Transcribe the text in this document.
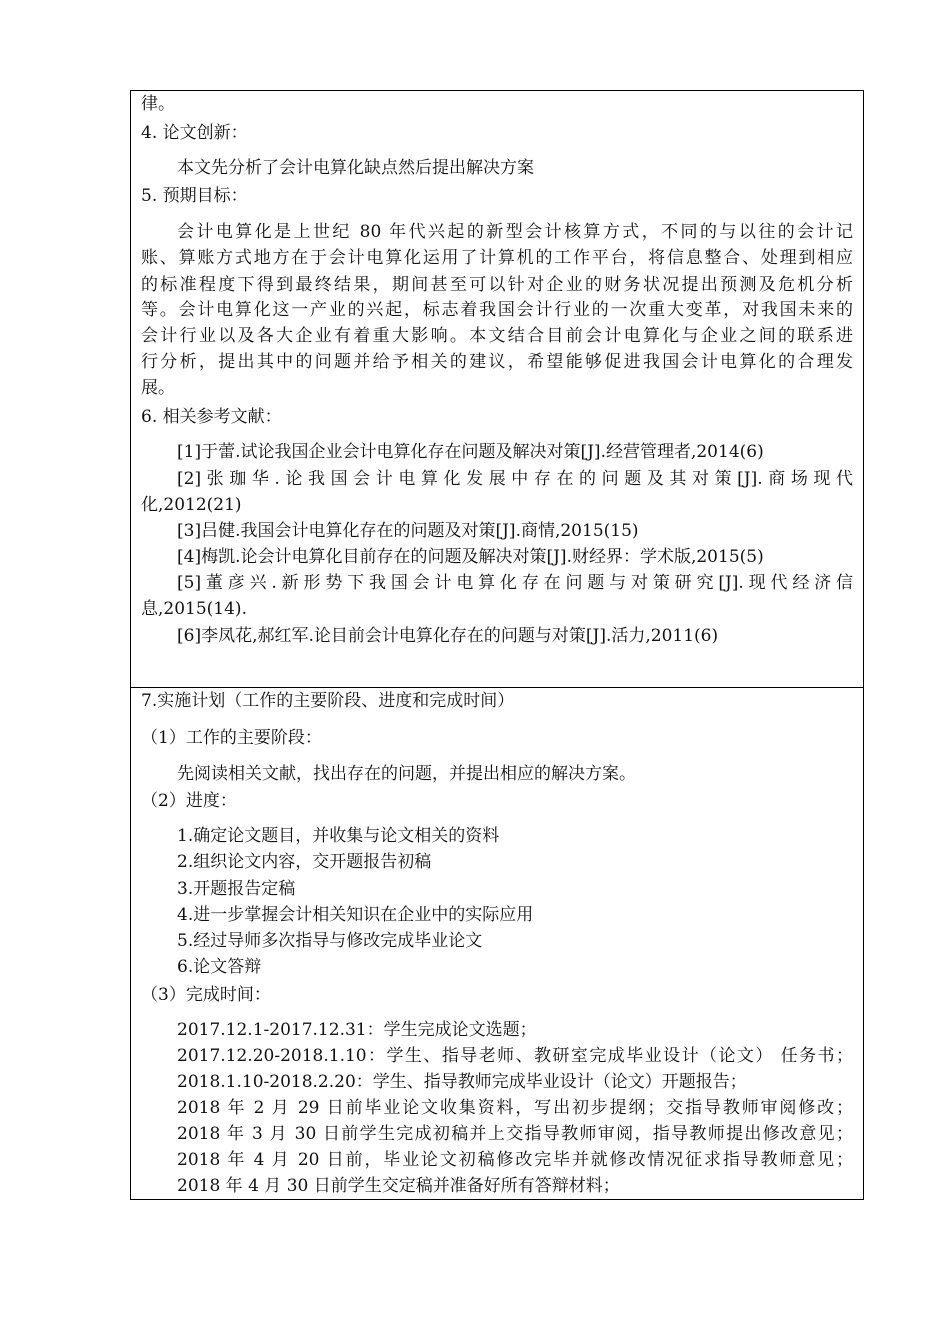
律。
4. 论文创新：
本文先分析了会计电算化缺点然后提出解决方案
5. 预期目标：
会计电算化是上世纪 80 年代兴起的新型会计核算方式，不同的与以往的会计记
账、算账方式地方在于会计电算化运用了计算机的工作平台，将信息整合、处理到相应
的标准程度下得到最终结果，期间甚至可以针对企业的财务状况提出预测及危机分析
等。会计电算化这一产业的兴起，标志着我国会计行业的一次重大变革，对我国未来的
会计行业以及各大企业有着重大影响。本文结合目前会计电算化与企业之间的联系进
行分析，提出其中的问题并给予相关的建议，希望能够促进我国会计电算化的合理发
展。
6. 相关参考文献：
[1]于蕾.试论我国企业会计电算化存在问题及解决对策[J].经营管理者,2014(6)
[2]张珈华.论我国会计电算化发展中存在的问题及其对策[J].商场现代
化,2012(21)
[3]吕健.我国会计电算化存在的问题及对策[J].商情,2015(15)
[4]梅凯.论会计电算化目前存在的问题及解决对策[J].财经界：学术版,2015(5)
[5]董彦兴.新形势下我国会计电算化存在问题与对策研究[J].现代经济信
息,2015(14).
[6]李凤花,郝红军.论目前会计电算化存在的问题与对策[J].活力,2011(6)
7.实施计划（工作的主要阶段、进度和完成时间）
（1）工作的主要阶段：
先阅读相关文献，找出存在的问题，并提出相应的解决方案。
（2）进度：
1.确定论文题目，并收集与论文相关的资料
2.组织论文内容，交开题报告初稿
3.开题报告定稿
4.进一步掌握会计相关知识在企业中的实际应用
5.经过导师多次指导与修改完成毕业论文
6.论文答辩
（3）完成时间：
2017.12.1-2017.12.31：学生完成论文选题；
2017.12.20-2018.1.10：学生、指导老师、教研室完成毕业设计（论文） 任务书；
2018.1.10-2018.2.20：学生、指导教师完成毕业设计（论文）开题报告；
2018 年 2 月 29 日前毕业论文收集资料，写出初步提纲；交指导教师审阅修改；
2018 年 3 月 30 日前学生完成初稿并上交指导教师审阅，指导教师提出修改意见；
2018 年 4 月 20 日前，毕业论文初稿修改完毕并就修改情况征求指导教师意见；
2018 年 4 月 30 日前学生交定稿并准备好所有答辩材料；
